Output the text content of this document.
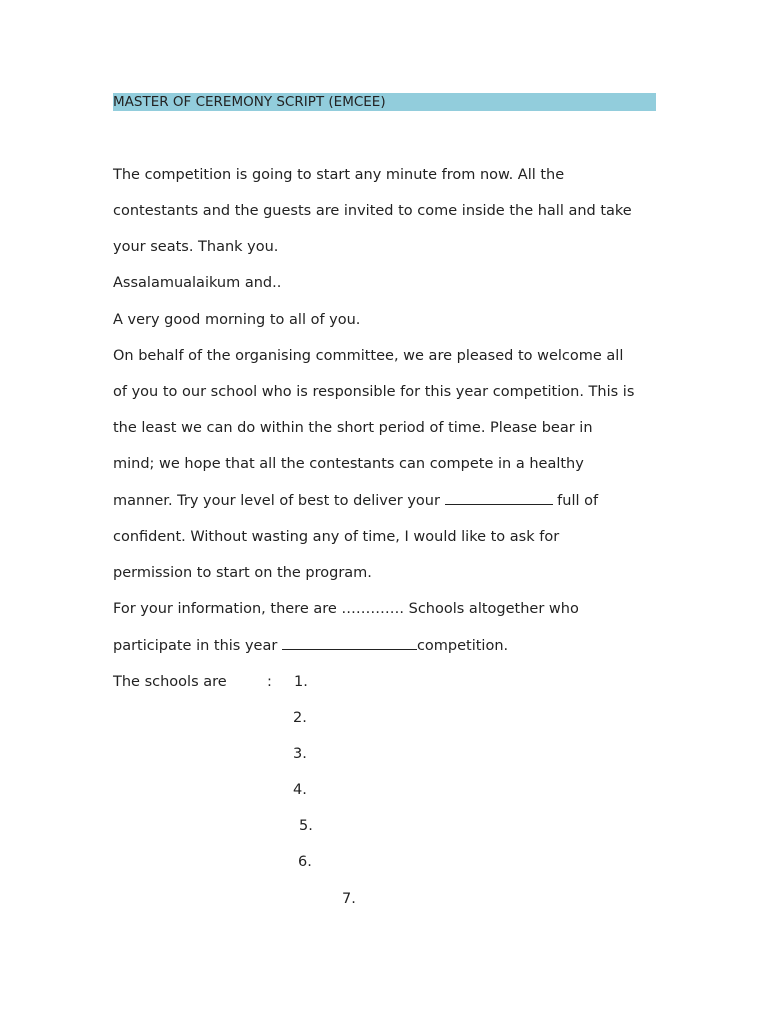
MASTER OF CEREMONY SCRIPT (EMCEE)
The competition is going to start any minute from now. All the
contestants and the guests are invited to come inside the hall and take
your seats. Thank you.
Assalamualaikum and..
A very good morning to all of you.
On behalf of the organising committee, we are pleased to welcome all
of you to our school who is responsible for this year competition. This is
the least we can do within the short period of time. Please bear in
mind; we hope that all the contestants can compete in a healthy
manner. Try your level of best to deliver your	full of
confident. Without wasting any of time, I would like to ask for
permission to start on the program.
For your information, there are …………. Schools altogether who
participate in this year	competition.
The schools are	: 1.
2.
3.
4.
5.
6.
7.
